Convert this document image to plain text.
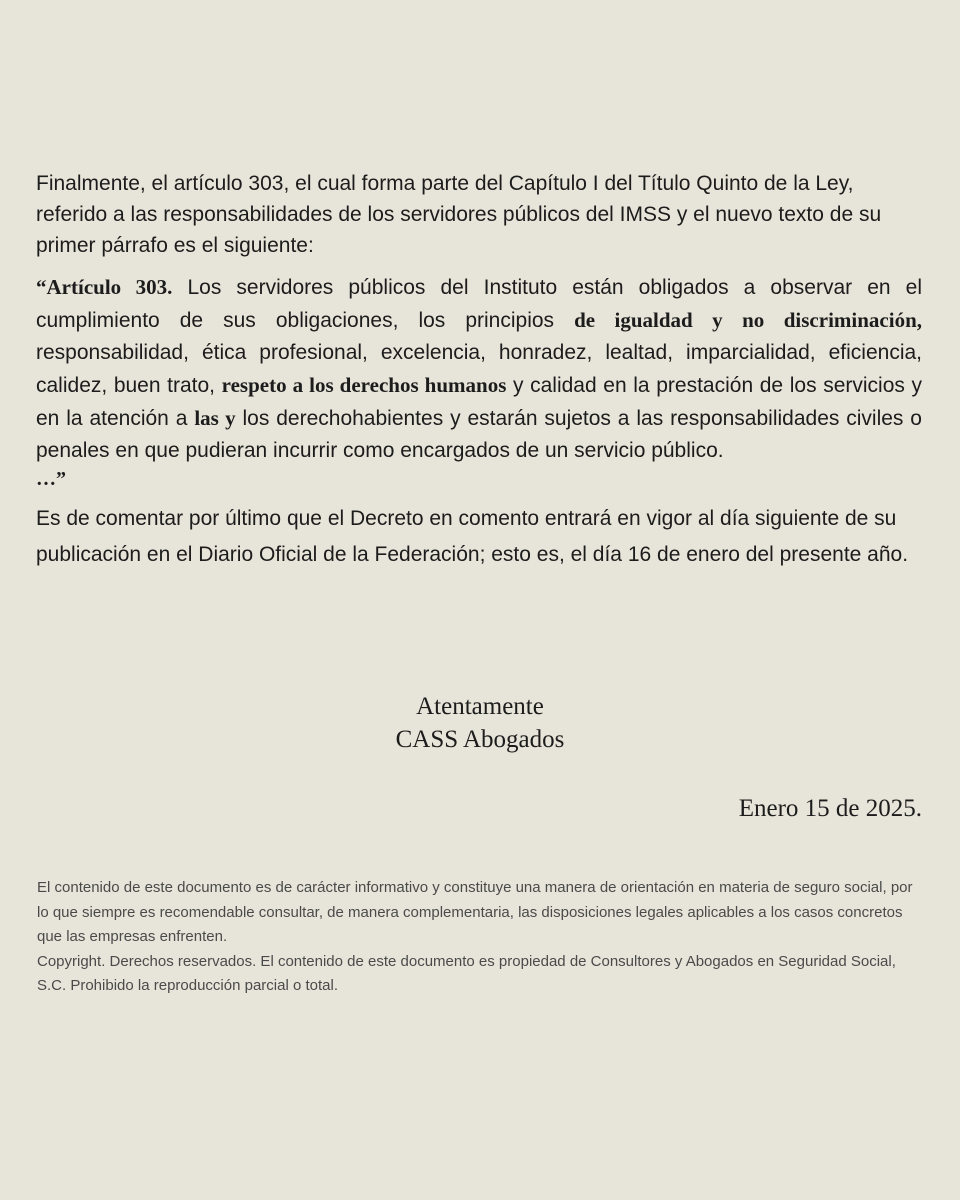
Finalmente, el artículo 303, el cual forma parte del Capítulo I del Título Quinto de la Ley, referido a las responsabilidades de los servidores públicos del IMSS y el nuevo texto de su primer párrafo es el siguiente:

“Artículo 303. Los servidores públicos del Instituto están obligados a observar en el cumplimiento de sus obligaciones, los principios de igualdad y no discriminación, responsabilidad, ética profesional, excelencia, honradez, lealtad, imparcialidad, eficiencia, calidez, buen trato, respeto a los derechos humanos y calidad en la prestación de los servicios y en la atención a las y los derechohabientes y estarán sujetos a las responsabilidades civiles o penales en que pudieran incurrir como encargados de un servicio público.

…”

Es de comentar por último que el Decreto en comento entrará en vigor al día siguiente de su publicación en el Diario Oficial de la Federación; esto es, el día 16 de enero del presente año.

Atentamente
CASS Abogados
Enero 15 de 2025.

El contenido de este documento es de carácter informativo y constituye una manera de orientación en materia de seguro social, por lo que siempre es recomendable consultar, de manera complementaria, las disposiciones legales aplicables a los casos concretos que las empresas enfrenten.

Copyright. Derechos reservados. El contenido de este documento es propiedad de Consultores y Abogados en Seguridad Social, S.C. Prohibido la reproducción parcial o total.
